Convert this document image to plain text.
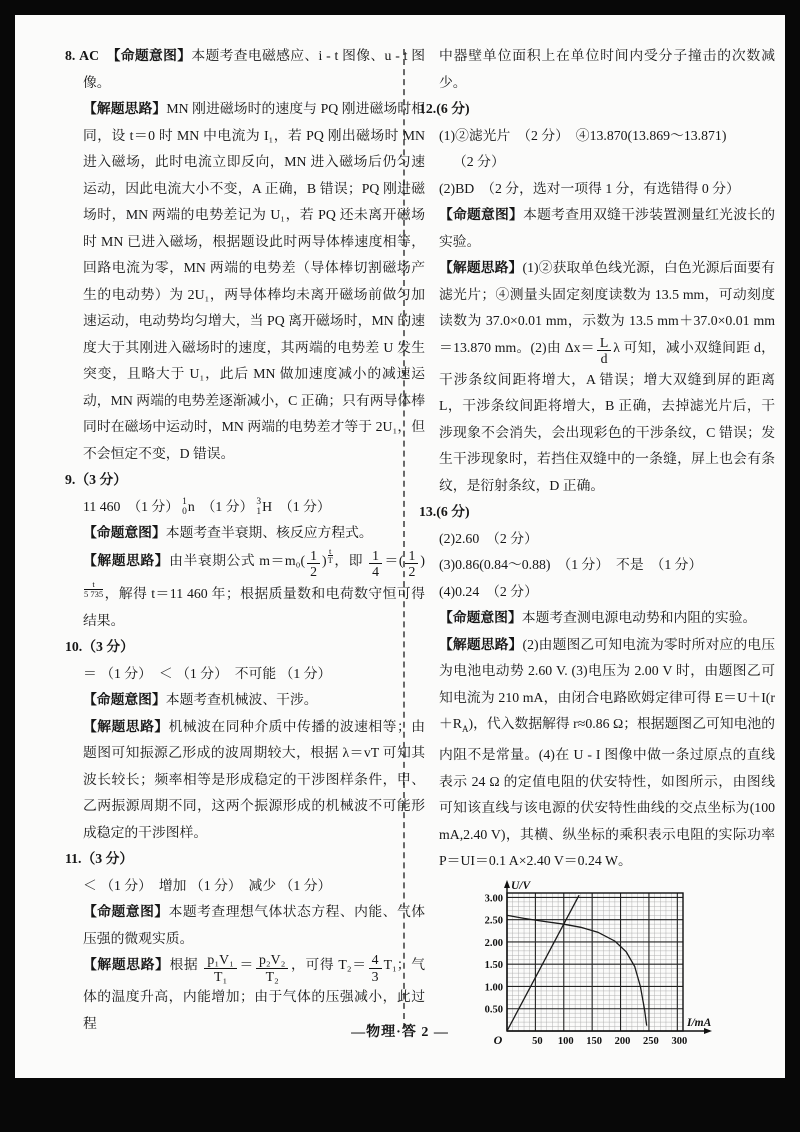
8. AC　 【命题意图】本题考查电磁感应、i - t 图像、u - t 图像。

【解题思路】MN 刚进磁场时的速度与 PQ 刚进磁场时相同，设 t＝0 时 MN 中电流为 I₁，若 PQ 刚出磁场时 MN 进入磁场，此时电流立即反向，MN 进入磁场后仍匀速运动，因此电流大小不变，A 正确，B 错误；PQ 刚进磁场时，MN 两端的电势差记为 U₁，若 PQ 还未离开磁场时 MN 已进入磁场，根据题设此时两导体棒速度相等，回路电流为零，MN 两端的电势差（导体棒切割磁场产生的电动势）为 2U₁，两导体棒均未离开磁场前做匀加速运动，电动势均匀增大，当 PQ 离开磁场时，MN 的速度大于其刚进入磁场时的速度，其两端的电势差 U 发生突变，且略大于 U₁，此后 MN 做加速度减小的减速运动，MN 两端的电势差逐渐减小，C 正确；只有两导体棒同时在磁场中运动时，MN 两端的电势差才等于 2U₁，但不会恒定不变，D 错误。

9.（3 分）

11 460　（1 分） 1
0 n　（1 分） 3
1 H　（1 分）

【命题意图】本题考查半衰期、核反应方程式。

【解题思路】由半衰期公式 $m=m_0( \frac{1}{2}$ ) $^{\frac{t}{T}}$ ，即 $\frac{1}{4}$ ＝( $\frac{1}{2}$ )
$^{\frac{t}{5 735}}$ ，解得 t＝11 460 年；根据质量数和电荷数守恒可得结果。

10.（3 分）

＝ （1 分）　＜ （1 分）　不可能 （1 分）

【命题意图】本题考查机械波、干涉。

【解题思路】机械波在同种介质中传播的波速相等；由题图可知振源乙形成的波周期较大，根据 λ＝vT 可知其波长较长；频率相等是形成稳定的干涉图样条件，甲、乙两振源周期不同，这两个振源形成的机械波不可能形成稳定的干涉图样。

11.（3 分）

＜ （1 分）　增加 （1 分）　减少 （1 分）

【命题意图】本题考查理想气体状态方程、内能、气体压强的微观实质。

【解题思路】根据 $\frac{\text{p₁V₁}}{\text{T₁}} = \frac{\text{p₂V₂}}{\text{T₂}}$ ，可得 $T_2= \frac{4}{3} T_1$；气体的温度升高，内能增加；由于气体的压强减小，此过程

中器壁单位面积上在单位时间内受分子撞击的次数减少。

12.(6 分)

(1)②滤光片　（2 分）　④13.870(13.869～13.871)

（2 分）

(2)BD　（2 分，选对一项得 1 分，有选错得 0 分）

【命题意图】本题考查用双缝干涉装置测量红光波长的实验。

【解题思路】(1)②获取单色线光源，白色光源后面要有滤光片；④测量头固定刻度读数为 13.5 mm，可动刻度读数为 37.0×0.01 mm，示数为 13.5 mm＋37.0×0.01 mm＝13.870 mm。(2)由 $\Delta x= \frac{L}{d}$ λ 可知，减小双缝间距 d，干涉条纹间距将增大，A 错误；增大双缝到屏的距离 L，干涉条纹间距将增大，B 正确，去掉滤光片后，干涉现象不会消失，会出现彩色的干涉条纹，C 错误；发生干涉现象时，若挡住双缝中的一条缝，屏上也会有条纹，是衍射条纹，D 正确。

13.(6 分)

(2)2.60　（2 分）

(3)0.86(0.84～0.88)　（1 分）　不是　（1 分）

(4)0.24　（2 分）

【命题意图】本题考查测电源电动势和内阻的实验。

【解题思路】(2)由题图乙可知电流为零时所对应的电压为电池电动势 2.60 V. (3)电压为 2.00 V 时，由题图乙可知电流为 210 mA，由闭合电路欧姆定律可得 $E=U+I(r+R_A)$，代入数据解得 r≈0.86 Ω；根据题图乙可知电池的内阻不是常量。(4)在 U - I 图像中做一条过原点的直线表示 24 Ω 的定值电阻的伏安特性，如图所示，由图线可知该直线与该电源的伏安特性曲线的交点坐标为(100 mA,2.40 V)，其横、纵坐标的乘积表示电阻的实际功率 P＝UI＝0.1 A×2.40 V＝0.24 W。

U/V
I/mA
O
0.50
1.00
1.50
2.00
2.50
3.00
50 100 150 200 250 300
—物理·答 2 —
